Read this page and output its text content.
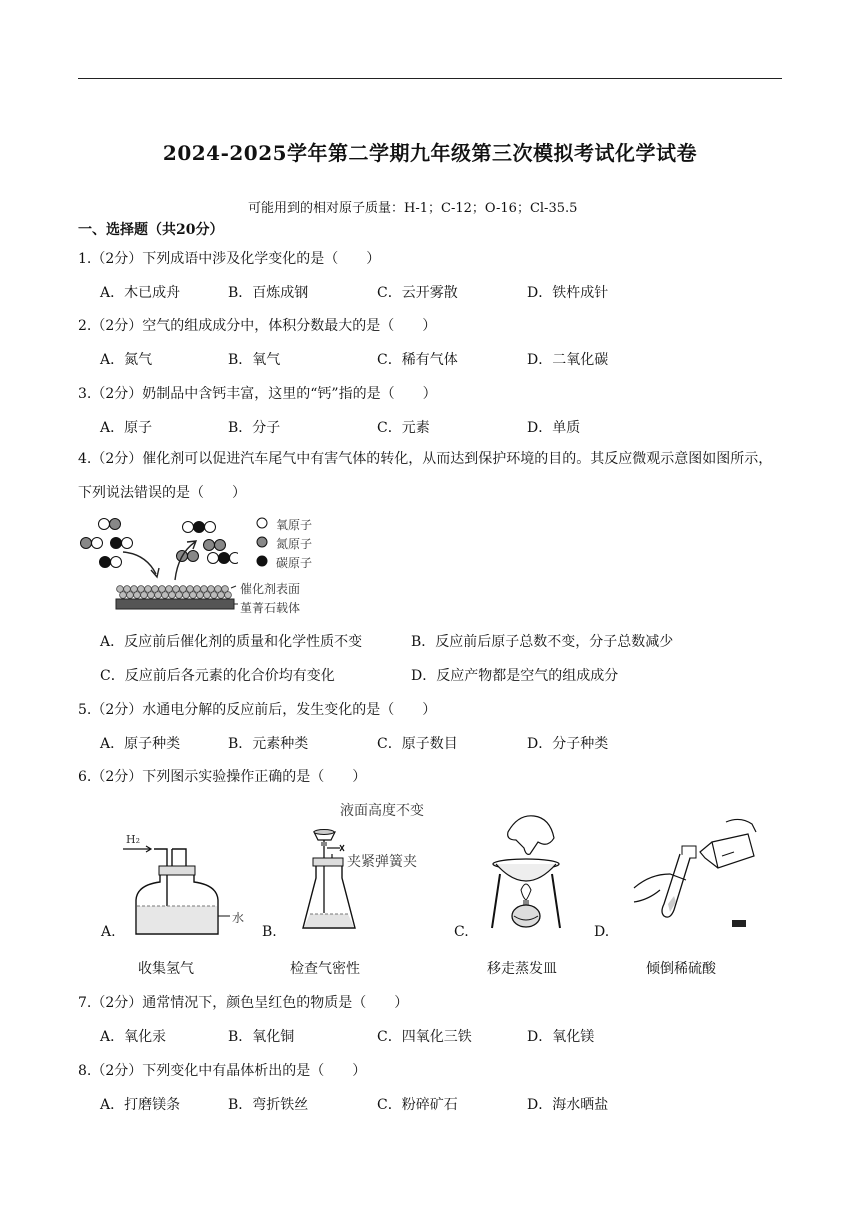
2024-2025学年第二学期九年级第三次模拟考试化学试卷
可能用到的相对原子质量：H-1；C-12；O-16；Cl-35.5
一、选择题（共20分）
1.（2分）下列成语中涉及化学变化的是（　　）
A．木已成舟	B．百炼成钢	C．云开雾散	D．铁杵成针
2.（2分）空气的组成成分中，体积分数最大的是（　　）
A．氮气	B．氧气	C．稀有气体	D．二氧化碳
3.（2分）奶制品中含钙丰富，这里的“钙”指的是（　　）
A．原子	B．分子	C．元素	D．单质
4.（2分）催化剂可以促进汽车尾气中有害气体的转化，从而达到保护环境的目的。其反应微观示意图如图所示，下列说法错误的是（　　）
氧原子
氮原子
碳原子
催化剂表面
堇菁石载体
A．反应前后催化剂的质量和化学性质不变	B．反应前后原子总数不变，分子总数减少
C．反应前后各元素的化合价均有变化	D．反应产物都是空气的组成成分
5.（2分）水通电分解的反应前后，发生变化的是（　　）
A．原子种类	B．元素种类	C．原子数目	D．分子种类
6.（2分）下列图示实验操作正确的是（　　）
H₂
水
液面高度不变
夹紧弹簧夹
A.	B.	C.	D.
收集氢气	检查气密性	移走蒸发皿	倾倒稀硫酸
7.（2分）通常情况下，颜色呈红色的物质是（　　）
A．氧化汞	B．氧化铜	C．四氧化三铁	D．氧化镁
8.（2分）下列变化中有晶体析出的是（　　）
A．打磨镁条	B．弯折铁丝	C．粉碎矿石	D．海水晒盐
